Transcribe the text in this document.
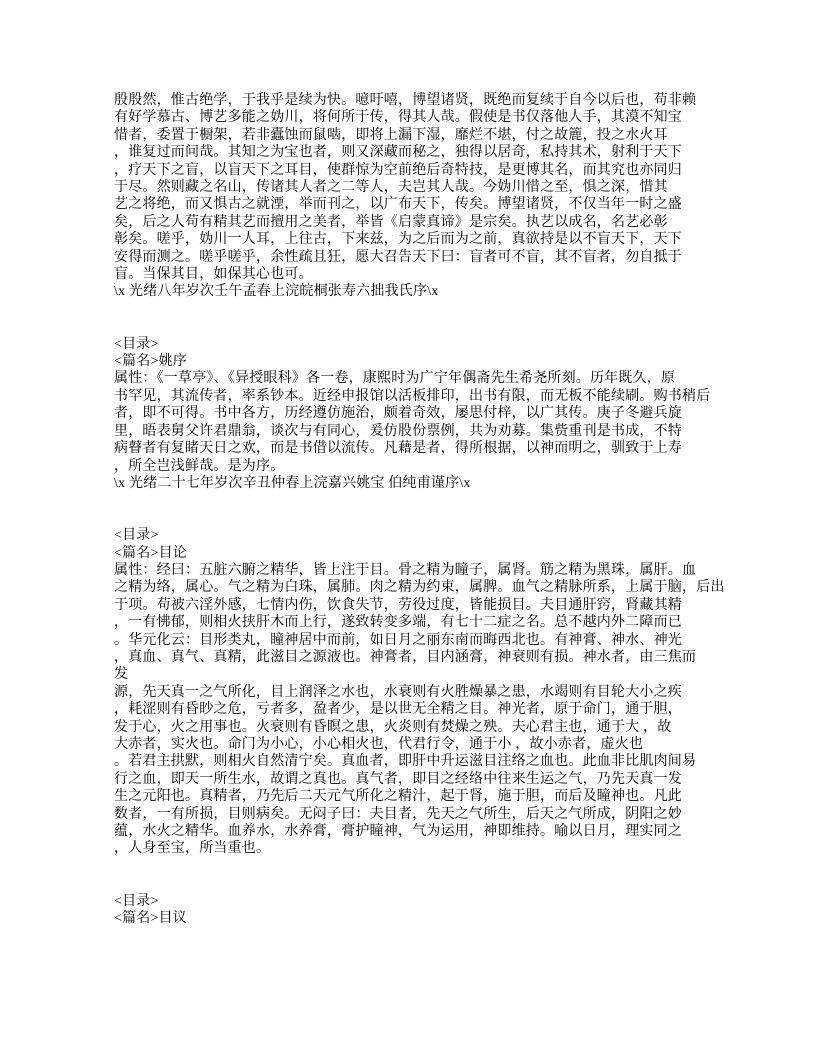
殷殷然，惟古绝学，于我乎是续为快。噫吁嘻，博望诸贤，既绝而复续于自今以后也，苟非赖
有好学慕古、博艺多能之妫川，将何所于传，得其人哉。假使是书仅落他人手，其漠不知宝
惜者，委置于橱架，若非蠹蚀而鼠啮，即将上漏下湿，靡烂不堪，付之故簏，投之水火耳
，谁复过而问哉。其知之为宝也者，则又深藏而秘之，独得以居奇，私持其术，射利于天下
，疗天下之盲，以盲天下之耳目，使群惊为空前绝后奇特技，是更博其名，而其究也亦同归
于尽。然则藏之名山，传诸其人者之二等人，夫岂其人哉。今妫川惜之至，惧之深，惜其
艺之将绝，而又惧古之就湮，举而刊之，以广布天下，传矣。博望诸贤，不仅当年一时之盛
矣，后之人苟有精其艺而擅用之美者，举皆《启蒙真谛》是宗矣。执艺以成名，名艺必彰
彰矣。嗟乎，妫川一人耳，上往古，下来兹，为之后而为之前，真欲持是以不盲天下，天下
安得而测之。嗟乎嗟乎，余性疏且狂，愿大召告天下曰：盲者可不盲，其不盲者，勿自抵于
盲。当保其目，如保其心也可。
\x 光绪八年岁次壬午孟春上浣皖桐张寿六拙我氏序\x
<目录>
<篇名>姚序
属性：《一草亭》、《异授眼科》各一卷，康熙时为广宁年偶斋先生希尧所刻。历年既久，原
书罕见，其流传者，率系钞本。近经申报馆以活板排印，出书有限，而无板不能续刷。购书稍后
者，即不可得。书中各方，历经遵仿施治，颇着奇效，屡思付梓，以广其传。庚子冬避兵旋
里，晤表舅父许君鼎翁，谈次与有同心，爰仿股份票例，共为劝募。集赀重刊是书成，不特
病瞽者有复睹天日之欢，而是书借以流传。凡藉是者，得所根据，以神而明之，驯致于上寿
，所全岂浅鲜哉。是为序。
\x 光绪二十七年岁次辛丑仲春上浣嘉兴姚宝 伯纯甫谨序\x
<目录>
<篇名>目论
属性：经曰：五脏六腑之精华，皆上注于目。骨之精为瞳子，属肾。筋之精为黑珠，属肝。血
之精为络，属心。气之精为白珠，属肺。肉之精为约束，属脾。血气之精脉所系，上属于脑，后出
于项。苟被六淫外感，七情内伤，饮食失节，劳役过度，皆能损目。夫目通肝窍，肾藏其精
，一有怫郁，则相火挟肝木而上行，遂致转变多端，有七十二症之名。总不越内外二障而已
。华元化云：目形类丸，瞳神居中而前，如日月之丽东南而晦西北也。有神膏、神水、神光
，真血、真气、真精，此滋目之源液也。神膏者，目内涵膏，神衰则有损。神水者，由三焦而
发
源，先天真一之气所化，目上润泽之水也，水衰则有火胜燥暴之患，水竭则有目轮大小之疾
，耗涩则有昏眇之危，亏者多，盈者少，是以世无全精之目。神光者，原于命门，通于胆，
发于心，火之用事也。火衰则有昏瞑之患，火炎则有焚燥之殃。夫心君主也，通于大 ，故
大赤者，实火也。命门为小心，小心相火也，代君行令，通于小 ，故小赤者，虚火也
。若君主拱默，则相火自然清宁矣。真血者，即肝中升运滋目注络之血也。此血非比肌肉间易
行之血，即天一所生水，故谓之真也。真气者，即目之经络中往来生运之气，乃先天真一发
生之元阳也。真精者，乃先后二天元气所化之精汁，起于肾，施于胆，而后及瞳神也。凡此
数者，一有所损，目则病矣。无闷子曰：夫目者，先天之气所生，后天之气所成，阴阳之妙
蕴，水火之精华。血养水，水养膏，膏护瞳神，气为运用，神即维持。喻以日月，理实同之
，人身至宝，所当重也。
<目录>
<篇名>目议
